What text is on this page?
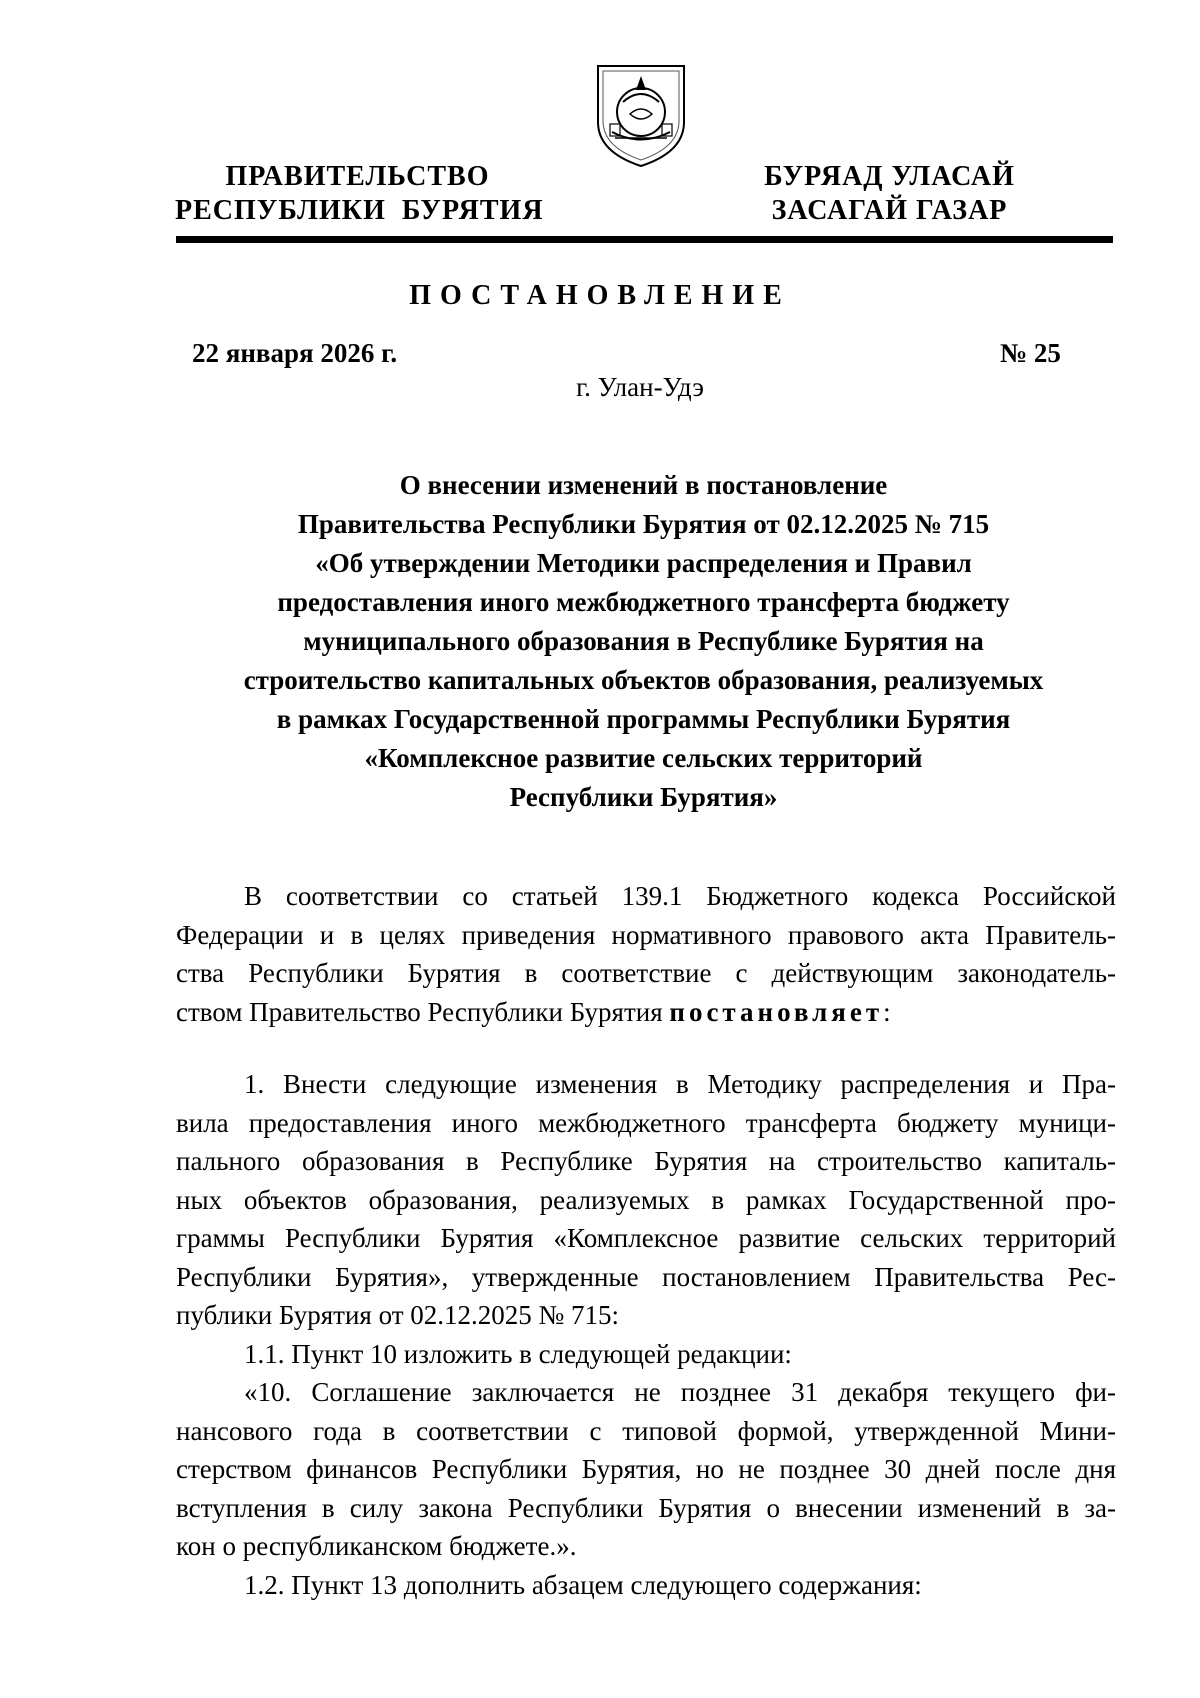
ПРАВИТЕЛЬСТВО
РЕСПУБЛИКИ  БУРЯТИЯ
БУРЯАД УЛАСАЙ
ЗАСАГАЙ ГАЗАР
ПОСТАНОВЛЕНИЕ
22 января 2026 г.	№ 25
г. Улан-Удэ
О внесении изменений в постановление
Правительства Республики Бурятия от 02.12.2025 № 715
«Об утверждении Методики распределения и Правил
предоставления иного межбюджетного трансферта бюджету
муниципального образования в Республике Бурятия на
строительство капитальных объектов образования, реализуемых
в рамках Государственной программы Республики Бурятия
«Комплексное развитие сельских территорий
Республики Бурятия»
В соответствии со статьей 139.1 Бюджетного кодекса Российской
Федерации и в целях приведения нормативного правового акта Правитель-
ства Республики Бурятия в соответствие с действующим законодатель-
ством Правительство Республики Бурятия постановляет:
1. Внести следующие изменения в Методику распределения и Пра-
вила предоставления иного межбюджетного трансферта бюджету муници-
пального образования в Республике Бурятия на строительство капиталь-
ных объектов образования, реализуемых в рамках Государственной про-
граммы Республики Бурятия «Комплексное развитие сельских территорий
Республики Бурятия», утвержденные постановлением Правительства Рес-
публики Бурятия от 02.12.2025 № 715:
1.1. Пункт 10 изложить в следующей редакции:
«10. Соглашение заключается не позднее 31 декабря текущего фи-
нансового года в соответствии с типовой формой, утвержденной Мини-
стерством финансов Республики Бурятия, но не позднее 30 дней после дня
вступления в силу закона Республики Бурятия о внесении изменений в за-
кон о республиканском бюджете.».
1.2. Пункт 13 дополнить абзацем следующего содержания:
